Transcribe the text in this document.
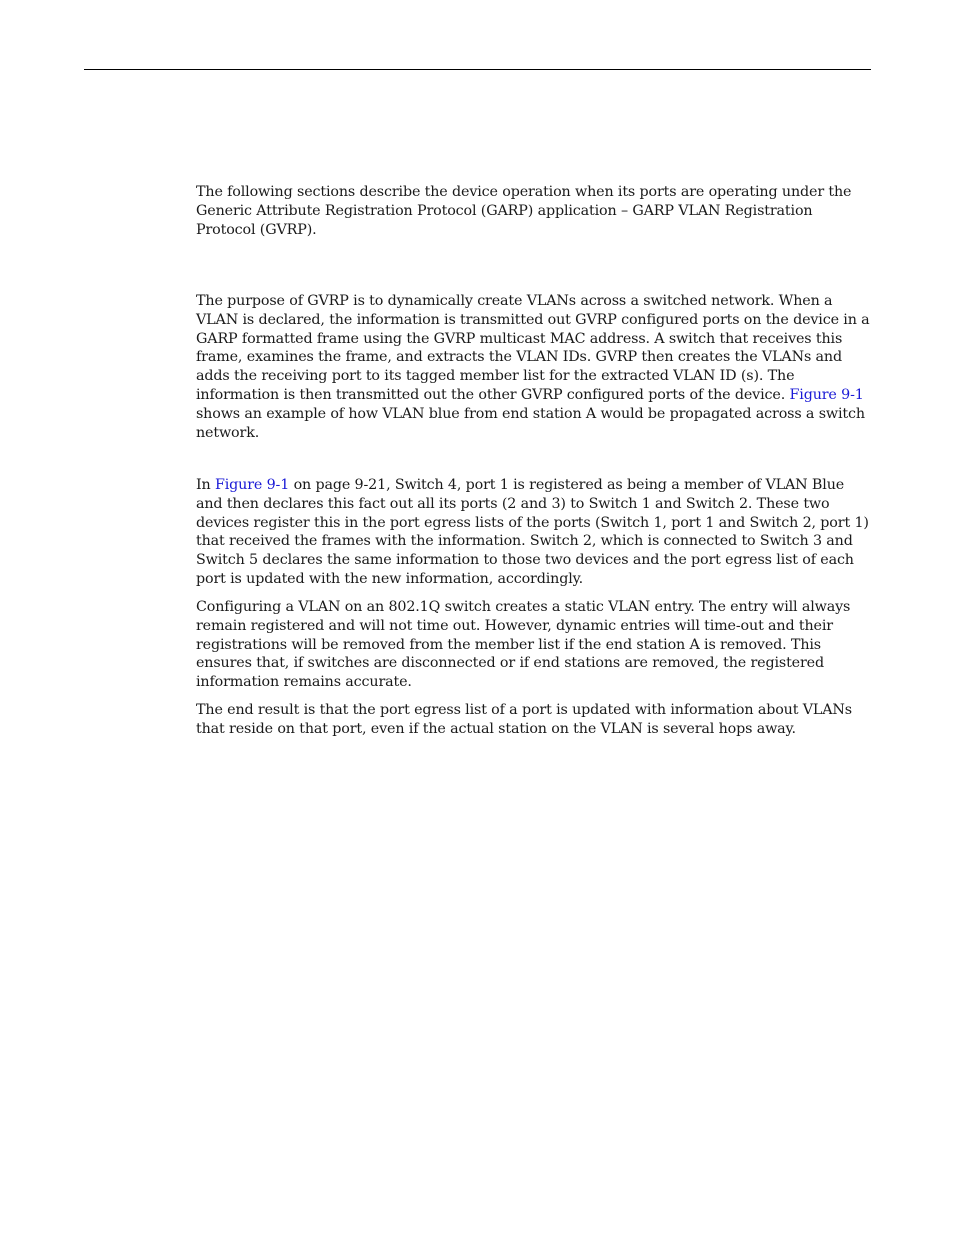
The following sections describe the device operation when its ports are operating under the Generic Attribute Registration Protocol (GARP) application – GARP VLAN Registration Protocol (GVRP).

The purpose of GVRP is to dynamically create VLANs across a switched network. When a VLAN is declared, the information is transmitted out GVRP configured ports on the device in a GARP formatted frame using the GVRP multicast MAC address. A switch that receives this frame, examines the frame, and extracts the VLAN IDs. GVRP then creates the VLANs and adds the receiving port to its tagged member list for the extracted VLAN ID (s). The information is then transmitted out the other GVRP configured ports of the device. Figure 9-1 shows an example of how VLAN blue from end station A would be propagated across a switch network.

In Figure 9-1 on page 9-21, Switch 4, port 1 is registered as being a member of VLAN Blue and then declares this fact out all its ports (2 and 3) to Switch 1 and Switch 2. These two devices register this in the port egress lists of the ports (Switch 1, port 1 and Switch 2, port 1) that received the frames with the information. Switch 2, which is connected to Switch 3 and Switch 5 declares the same information to those two devices and the port egress list of each port is updated with the new information, accordingly.

Configuring a VLAN on an 802.1Q switch creates a static VLAN entry. The entry will always remain registered and will not time out. However, dynamic entries will time-out and their registrations will be removed from the member list if the end station A is removed. This ensures that, if switches are disconnected or if end stations are removed, the registered information remains accurate.

The end result is that the port egress list of a port is updated with information about VLANs that reside on that port, even if the actual station on the VLAN is several hops away.
